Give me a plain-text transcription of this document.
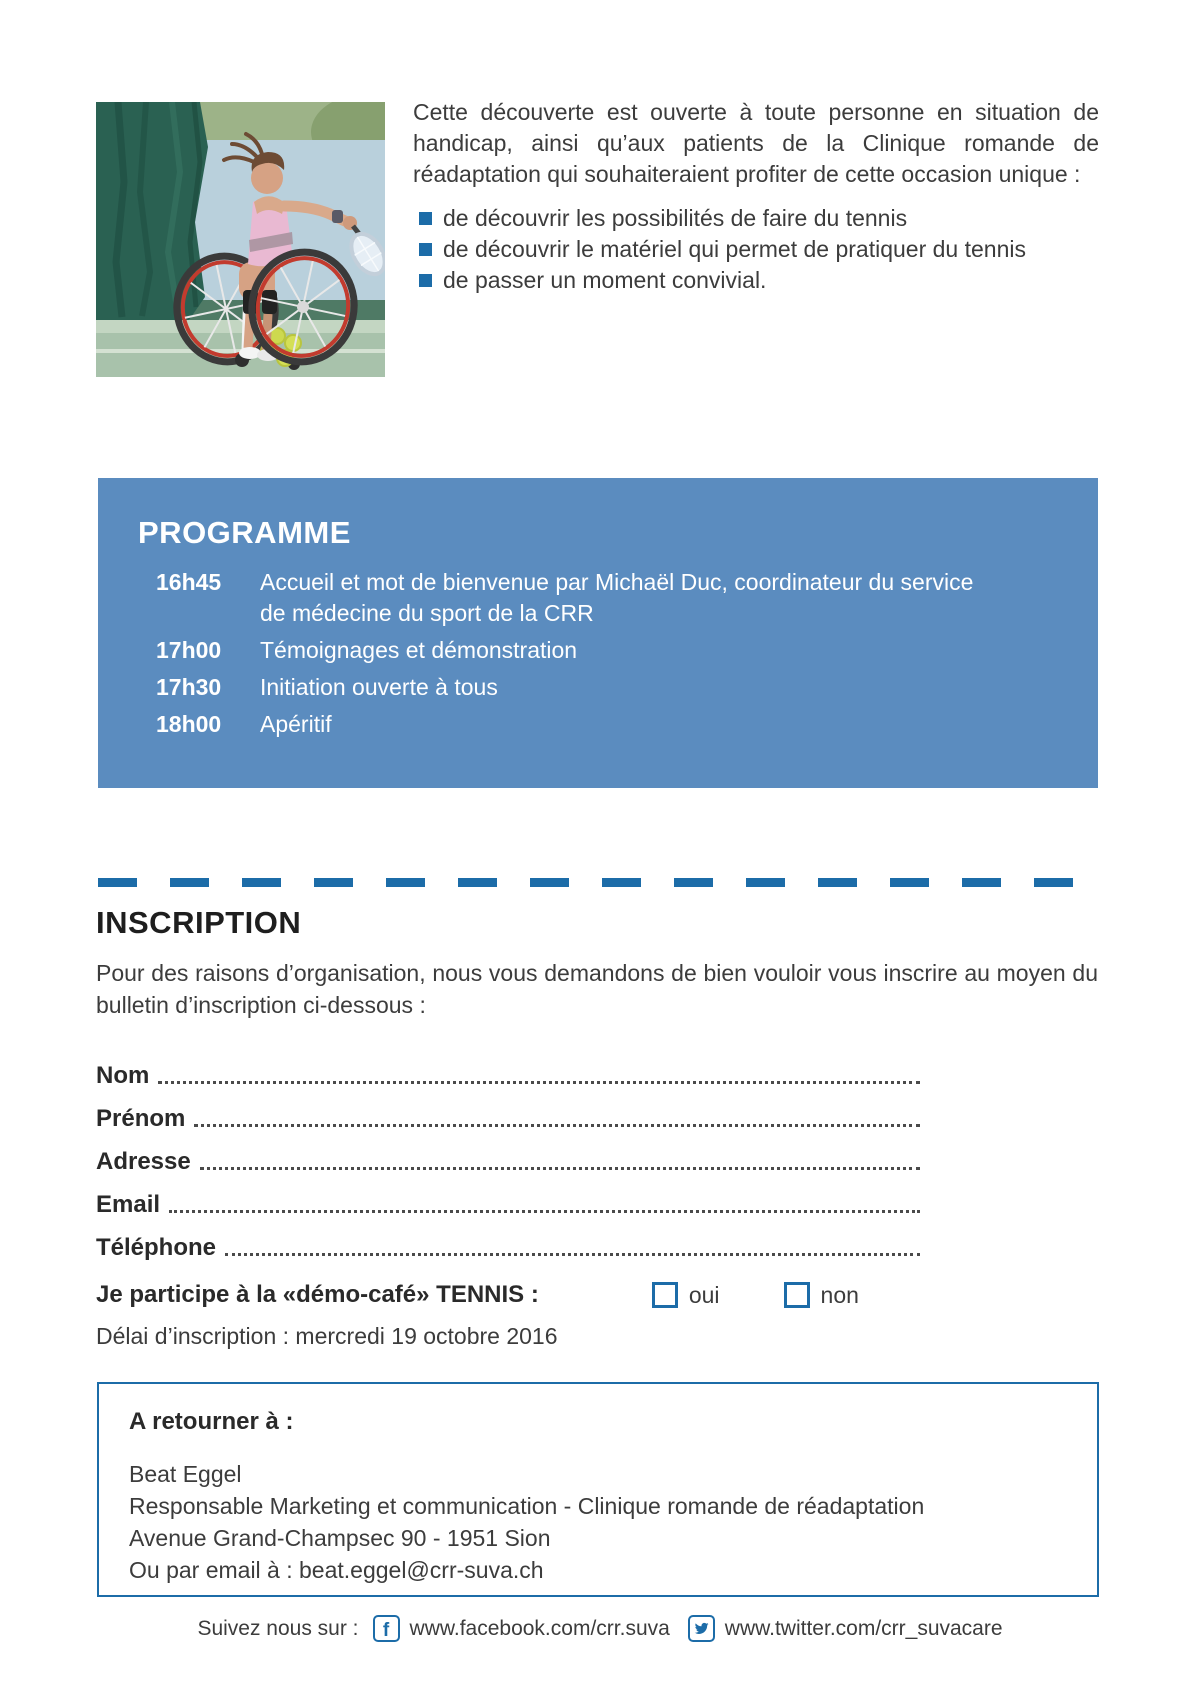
Cette découverte est ouverte à toute personne en situation de handicap, ainsi qu’aux patients de la Clinique romande de réadaptation qui souhaiteraient profiter de cette occasion unique :

de découvrir les possibilités de faire du tennis
de découvrir le matériel qui permet de pratiquer du tennis
de passer un moment convivial.
PROGRAMME
16h45	Accueil et mot de bienvenue par Michaël Duc, coordinateur du service de médecine du sport de la CRR
17h00	Témoignages et démonstration
17h30	Initiation ouverte à tous
18h00	Apéritif
INSCRIPTION

Pour des raisons d’organisation, nous vous demandons de bien vouloir vous inscrire au moyen du bulletin d’inscription ci-dessous :

Nom
Prénom
Adresse
Email
Téléphone
Je participe à la «démo-café» TENNIS :	oui	non
Délai d’inscription : mercredi 19 octobre 2016
A retourner à :
Beat Eggel
Responsable Marketing et communication - Clinique romande de réadaptation
Avenue Grand-Champsec 90 - 1951 Sion
Ou par email à : beat.eggel@crr-suva.ch
Suivez nous sur : f www.facebook.com/crr.suva	www.twitter.com/crr_suvacare
